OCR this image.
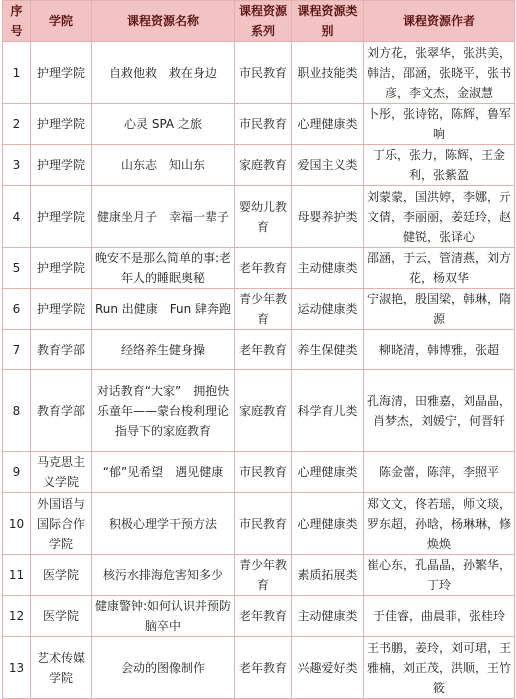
序号	学院	课程资源名称	课程资源系列	课程资源类别	课程资源作者
1	护理学院	自救他救　救在身边	市民教育	职业技能类	刘方花，张翠华，张洪美，韩洁，邵涵，张晓平，张书彦，李文杰，金淑慧
2	护理学院	心灵 SPA 之旅	市民教育	心理健康类	卜彤，张诗铭，陈辉，鲁军响
3	护理学院	山东志　知山东	家庭教育	爱国主义类	丁乐，张力，陈辉，王金利，张紫盈
4	护理学院	健康坐月子　幸福一辈子	婴幼儿教育	母婴养护类	刘蒙蒙，国洪婷，李娜，亓文倩，李丽丽，姜廷玲，赵健锐，张译心
5	护理学院	晚安不是那么简单的事:老年人的睡眠奥秘	老年教育	主动健康类	邵涵，于云，管清燕，刘方花，杨双华
6	护理学院	Run 出健康　Fun 肆奔跑	青少年教育	运动健康类	宁淑艳，殷国梁，韩琳，隋源
7	教育学部	经络养生健身操	老年教育	养生保健类	柳晓清，韩博雅，张超
8	教育学部	对话教育“大家”　拥抱快乐童年——蒙台梭利理论指导下的家庭教育	家庭教育	科学育儿类	孔海清，田雅嘉，刘晶晶，肖梦杰，刘媛宁，何晋轩
9	马克思主义学院	“郁”见希望　遇见健康	市民教育	心理健康类	陈金蕾，陈萍，李照平
10	外国语与国际合作学院	积极心理学干预方法	市民教育	心理健康类	郑文文，佟若瑶，师文琰，罗东超，孙晗，杨琳琳，修焕焕
11	医学院	核污水排海危害知多少	青少年教育	素质拓展类	崔心东，孔晶晶，孙繁华，丁玲
12	医学院	健康警钟:如何认识并预防脑卒中	老年教育	主动健康类	于佳睿，曲晨菲，张桂玲
13	艺术传媒学院	会动的图像制作	老年教育	兴趣爱好类	王书鹏，姜玲，刘可珺，王雅楠，刘正茂，洪顺，王竹筱
